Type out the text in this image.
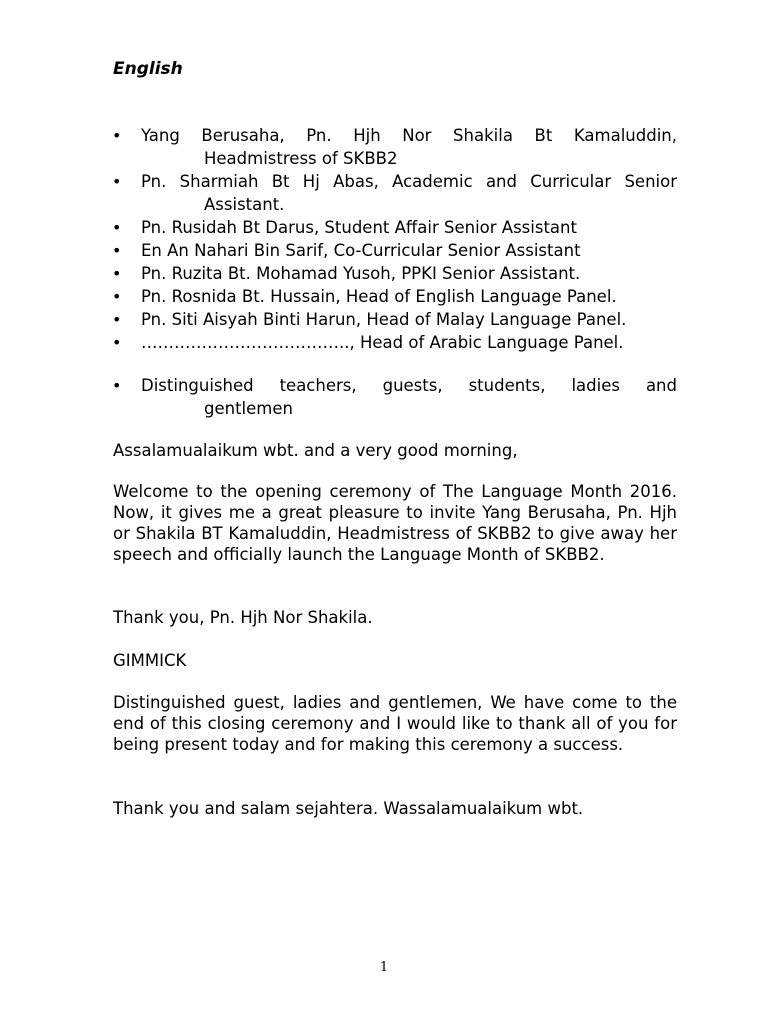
English
• Yang Berusaha, Pn. Hjh Nor Shakila Bt Kamaluddin,
Headmistress of SKBB2
• Pn. Sharmiah Bt Hj Abas, Academic and Curricular Senior
Assistant.
• Pn. Rusidah Bt Darus, Student Affair Senior Assistant
• En An Nahari Bin Sarif, Co-Curricular Senior Assistant
• Pn. Ruzita Bt. Mohamad Yusoh, PPKI Senior Assistant.
• Pn. Rosnida Bt. Hussain, Head of English Language Panel.
• Pn. Siti Aisyah Binti Harun, Head of Malay Language Panel.
• ……………………………….., Head of Arabic Language Panel.
• Distinguished teachers, guests, students, ladies and
gentlemen

Assalamualaikum wbt. and a very good morning,

Welcome to the opening ceremony of The Language Month 2016. Now, it gives me a great pleasure to invite Yang Berusaha, Pn. Hjh or Shakila BT Kamaluddin, Headmistress of SKBB2 to give away her speech and officially launch the Language Month of SKBB2.

Thank you, Pn. Hjh Nor Shakila.

GIMMICK

Distinguished guest, ladies and gentlemen, We have come to the end of this closing ceremony and I would like to thank all of you for being present today and for making this ceremony a success.

Thank you and salam sejahtera. Wassalamualaikum wbt.

1
